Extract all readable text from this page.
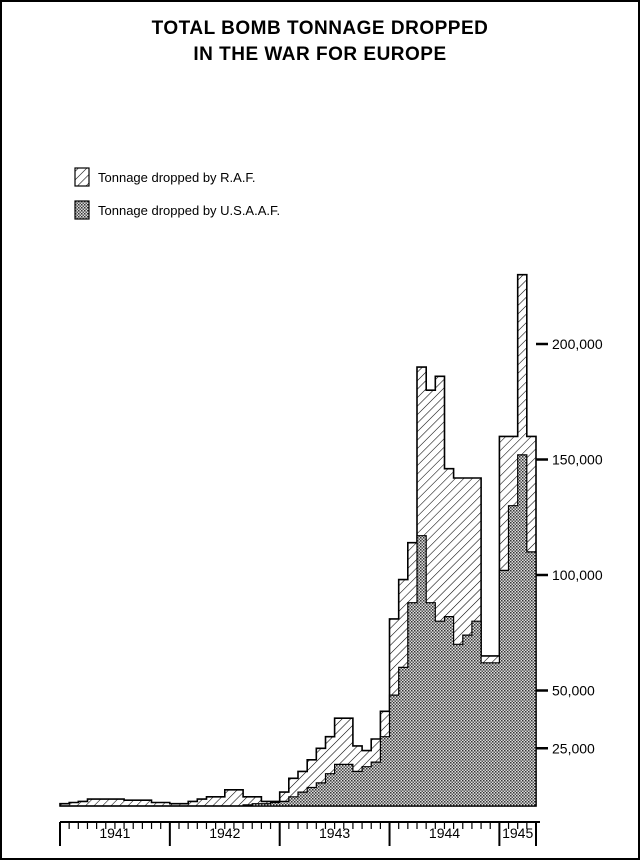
TOTAL BOMB TONNAGE DROPPED
IN THE WAR FOR EUROPE
Tonnage dropped by R.A.F.
Tonnage dropped by U.S.A.A.F.
25,000
50,000
100,000
150,000
200,000
1941	1942	1943	1944	1945
